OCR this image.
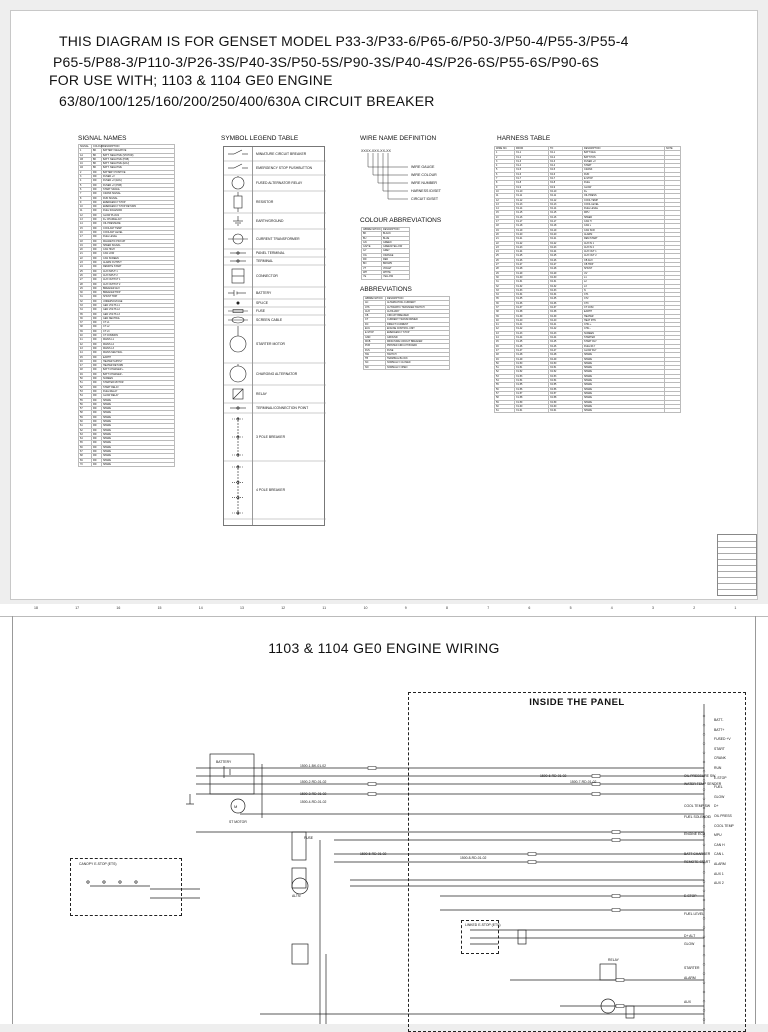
THIS DIAGRAM IS FOR GENSET MODEL P33-3/P33-6/P65-6/P50-3/P50-4/P55-3/P55-4
P65-5/P88-3/P110-3/P26-3S/P40-3S/P50-5S/P90-3S/P40-4S/P26-6S/P55-6S/P90-6S
FOR USE WITH; 1103 & 1104 GE0 ENGINE
63/80/100/125/160/200/250/400/630A CIRCUIT BREAKER
SIGNAL NAMES
SIGNAL	COLOUR	DESCRIPTION
1	BK	BATTERY NEGATIVE
1A	BK	BATT. NEGATIVE (STATOR)
1B	BK	BATT. NEGATIVE (PCB)
1C	BK	BATT. NEGATIVE (ECU)
1D	BK	BATT. NEGATIVE
2	RD	BATTERY POSITIVE
3	RD	FUSED +V
4	RD	FUSED +V (ECU)
5	RD	FUSED +V (PCB)
6	RD	START SIGNAL
7	RD	CRANK SIGNAL
8	RD	RUN SIGNAL
9	RD	EMERGENCY STOP
10	RD	EMERGENCY STOP RETURN
11	RD	FUEL SOLENOID
12	RD	GLOW PLUGS
13	RD	D+ CHARGE ALT
14	RD	OIL PRESSURE
15	RD	COOLANT TEMP
16	RD	COOLANT LEVEL
17	RD	FUEL LEVEL
18	RD	MAGNETIC PICKUP
19	RD	SPEED SIGNAL
20	RD	CAN HIGH
21	RD	CAN LOW
22	RD	CAN SCREEN
23	RD	ALARM OUTPUT
24	RD	REMOTE START
25	RD	AUX INPUT 1
26	RD	AUX INPUT 2
27	RD	AUX OUTPUT 1
28	RD	AUX OUTPUT 2
29	RD	BREAKER AUX
30	RD	BREAKER TRIP
31	RD	SHUNT TRIP
32	RD	UNDERVOLTAGE
33	RD	GEN VOLTS L1
34	RD	GEN VOLTS L2
35	RD	GEN VOLTS L3
36	RD	GEN NEUTRAL
37	RD	CT L1
38	RD	CT L2
39	RD	CT L3
40	RD	CT COMMON
41	RD	MAINS L1
42	RD	MAINS L2
43	RD	MAINS L3
44	RD	MAINS NEUTRAL
45	RD	EARTH
46	RD	HEATER SUPPLY
47	RD	HEATER RETURN
48	RD	BATT CHARGER +
49	RD	BATT CHARGER -
50	RD	SCREEN
51	RD	STARTER MOTOR
52	RD	START RELAY
53	RD	FUEL RELAY
54	RD	GLOW RELAY
55	RD	SPARE
56	RD	SPARE
57	RD	SPARE
58	RD	SPARE
59	RD	SPARE
60	RD	SPARE
61	RD	SPARE
62	RD	SPARE
63	RD	SPARE
64	RD	SPARE
65	RD	SPARE
66	RD	SPARE
67	RD	SPARE
68	RD	SPARE
69	RD	SPARE
70	RD	SPARE
SYMBOL LEGEND TABLE
MINIATURE CIRCUIT BREAKER
EMERGENCY STOP PUSHBUTTON
FUSED ALTERNATOR RELAY
RESISTOR
EARTH/GROUND
CURRENT TRANSFORMER
PANEL TERMINAL
TERMINAL
CONNECTOR
BATTERY
SPLICE
FUSE
SCREEN CABLE
STARTER MOTOR
CHARGING ALTERNATOR
RELAY
TERMINAL/CONNECTION POINT
3 POLE BREAKER
4 POLE BREAKER
WIRE NAME DEFINITION
XXXX-XXX-XX-XX
WIRE GAUGE
WIRE COLOUR
WIRE NUMBER
HARNESS ID/SET
CIRCUIT ID/SET
COLOUR ABBREVIATIONS
ABBREVIATION	DESCRIPTION
BK	BLACK
BU	BLUE
GN	GREEN
GN/YE	GREEN/YELLOW
GY	GREY
OG	ORANGE
RD	RED
BN	BROWN
VT	VIOLET
WH	WHITE
YE	YELLOW
ABBREVIATIONS
ABBREVIATION	DESCRIPTION
AC	ALTERNATING CURRENT
ATS	AUTOMATIC TRANSFER SWITCH
AUX	AUXILIARY
CB	CIRCUIT BREAKER
CT	CURRENT TRANSFORMER
DC	DIRECT CURRENT
ECU	ENGINE CONTROL UNIT
E-STOP	EMERGENCY STOP
GND	GROUND
MCB	MINIATURE CIRCUIT BREAKER
PCB	PRINTED CIRCUIT BOARD
FUS	FUSE
SW	SWITCH
TB	TERMINAL BLOCK
NC	NORMALLY CLOSED
NO	NORMALLY OPEN
HARNESS TABLE
WIRE NO.	FROM	TO	DESCRIPTION	NOTE
1	X1-1	X2-1	BATT NEG	
2	X1-2	X2-2	BATT POS	
3	X1-3	X2-3	FUSED +V	
4	X1-4	X2-4	START	
5	X1-5	X2-5	CRANK	
6	X1-6	X2-6	RUN	
7	X1-7	X2-7	E-STOP	
8	X1-8	X2-8	FUEL	
9	X1-9	X2-9	GLOW	
10	X1-10	X2-10	D+	
11	X1-11	X2-11	OIL PRESS	
12	X1-12	X2-12	COOL TEMP	
13	X1-13	X2-13	COOL LEVEL	
14	X1-14	X2-14	FUEL LEVEL	
15	X1-15	X2-15	MPU	
16	X1-16	X2-16	SPEED	
17	X1-17	X2-17	CAN H	
18	X1-18	X2-18	CAN L	
19	X1-19	X2-19	CAN SCR	
20	X1-20	X2-20	ALARM	
21	X1-21	X2-21	REM START	
22	X1-22	X2-22	AUX IN 1	
23	X1-23	X2-23	AUX IN 2	
24	X1-24	X2-24	AUX OUT 1	
25	X1-25	X2-25	AUX OUT 2	
26	X1-26	X2-26	CB AUX	
27	X1-27	X2-27	CB TRIP	
28	X1-28	X2-28	SHUNT	
29	X1-29	X2-29	UV	
30	X1-30	X2-30	L1	
31	X1-31	X2-31	L2	
32	X1-32	X2-32	L3	
33	X1-33	X2-33	N	
34	X1-34	X2-34	CT1	
35	X1-35	X2-35	CT2	
36	X1-36	X2-36	CT3	
37	X1-37	X2-37	CT COM	
38	X1-38	X2-38	EARTH	
39	X1-39	X2-39	HEATER	
40	X1-40	X2-40	HEAT RTN	
41	X1-41	X2-41	CHG +	
42	X1-42	X2-42	CHG -	
43	X1-43	X2-43	SCREEN	
44	X1-44	X2-44	STARTER	
45	X1-45	X2-45	START RLY	
46	X1-46	X2-46	FUEL RLY	
47	X1-47	X2-47	GLOW RLY	
48	X1-48	X2-48	SPARE	
49	X1-49	X2-49	SPARE	
50	X1-50	X2-50	SPARE	
51	X1-51	X2-51	SPARE	
52	X1-52	X2-52	SPARE	
53	X1-53	X2-53	SPARE	
54	X1-54	X2-54	SPARE	
55	X1-55	X2-55	SPARE	
56	X1-56	X2-56	SPARE	
57	X1-57	X2-57	SPARE	
58	X1-58	X2-58	SPARE	
59	X1-59	X2-59	SPARE	
60	X1-60	X2-60	SPARE	
61	X1-61	X2-61	SPARE	
18	17	16	15	14	13	12	11	10	9	8	7	6	5	4	3	2	1
1103 & 1104 GE0 ENGINE WIRING
INSIDE THE PANEL
CANOPY E-STOP (ETS)
LINKED E-STOP (ETS)
M
ST MOTOR
ALTN
BATTERY
FUSE
RELAY
BATT-
BATT+
FUSED +V
START
CRANK
RUN
E-STOP
FUEL
GLOW
D+
OIL PRESS
COOL TEMP
MPU
CAN H
CAN L
ALARM
AUX 1
AUX 2
OIL PRESSURE SW
WATER TEMP SENDER
COOL TEMP SW
FUEL SOLENOID
ENGINE ECU
BATT CHARGER
REMOTE START
E-STOP
FUEL LEVEL
D+ ALT
GLOW
STARTER
ALARM
AUX
1500-1-BK-01-02
1500-2-RD-01-02
1500-3-RD-01-02
1500-4-RD-01-02
1500-5-RD-01-02
1500-6-RD-01-02
1500-7-RD-01-02
1500-8-RD-01-02
